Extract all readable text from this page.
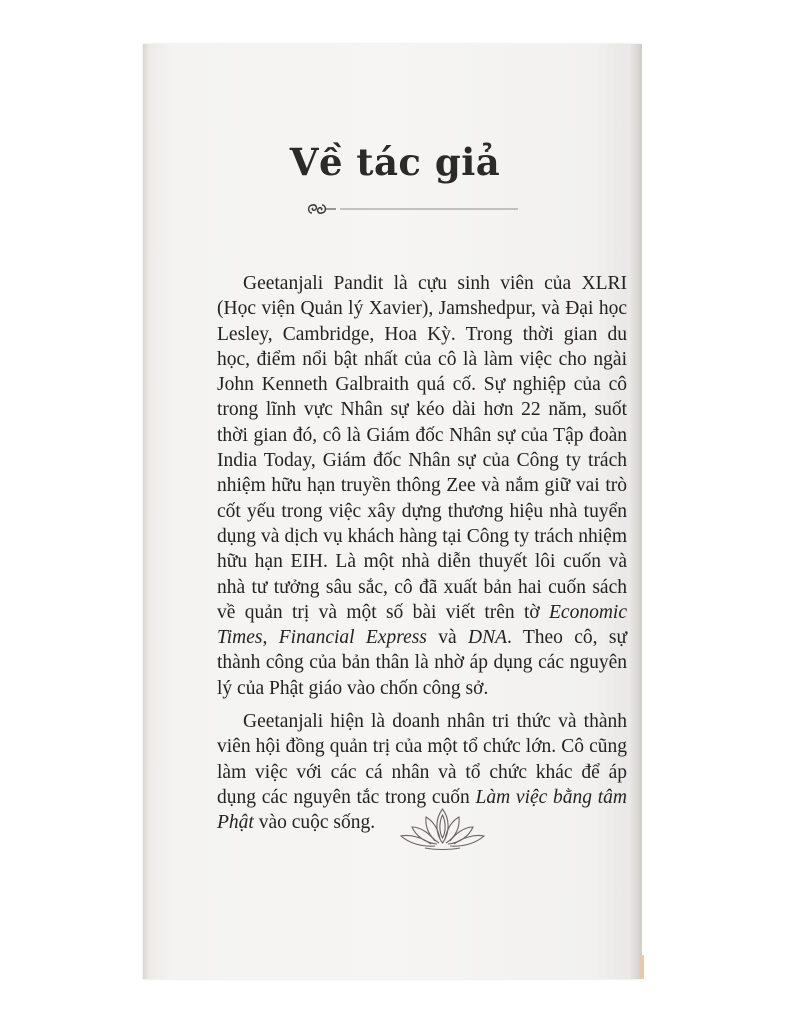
Về tác giả

Geetanjali Pandit là cựu sinh viên của XLRI (Học viện Quản lý Xavier), Jamshedpur, và Đại học Lesley, Cambridge, Hoa Kỳ. Trong thời gian du học, điểm nổi bật nhất của cô là làm việc cho ngài John Kenneth Galbraith quá cố. Sự nghiệp của cô trong lĩnh vực Nhân sự kéo dài hơn 22 năm, suốt thời gian đó, cô là Giám đốc Nhân sự của Tập đoàn India Today, Giám đốc Nhân sự của Công ty trách nhiệm hữu hạn truyền thông Zee và nắm giữ vai trò cốt yếu trong việc xây dựng thương hiệu nhà tuyển dụng và dịch vụ khách hàng tại Công ty trách nhiệm hữu hạn EIH. Là một nhà diễn thuyết lôi cuốn và nhà tư tưởng sâu sắc, cô đã xuất bản hai cuốn sách về quản trị và một số bài viết trên tờ Economic Times, Financial Express và DNA. Theo cô, sự thành công của bản thân là nhờ áp dụng các nguyên lý của Phật giáo vào chốn công sở.

Geetanjali hiện là doanh nhân tri thức và thành viên hội đồng quản trị của một tổ chức lớn. Cô cũng làm việc với các cá nhân và tổ chức khác để áp dụng các nguyên tắc trong cuốn Làm việc bằng tâm Phật vào cuộc sống.
